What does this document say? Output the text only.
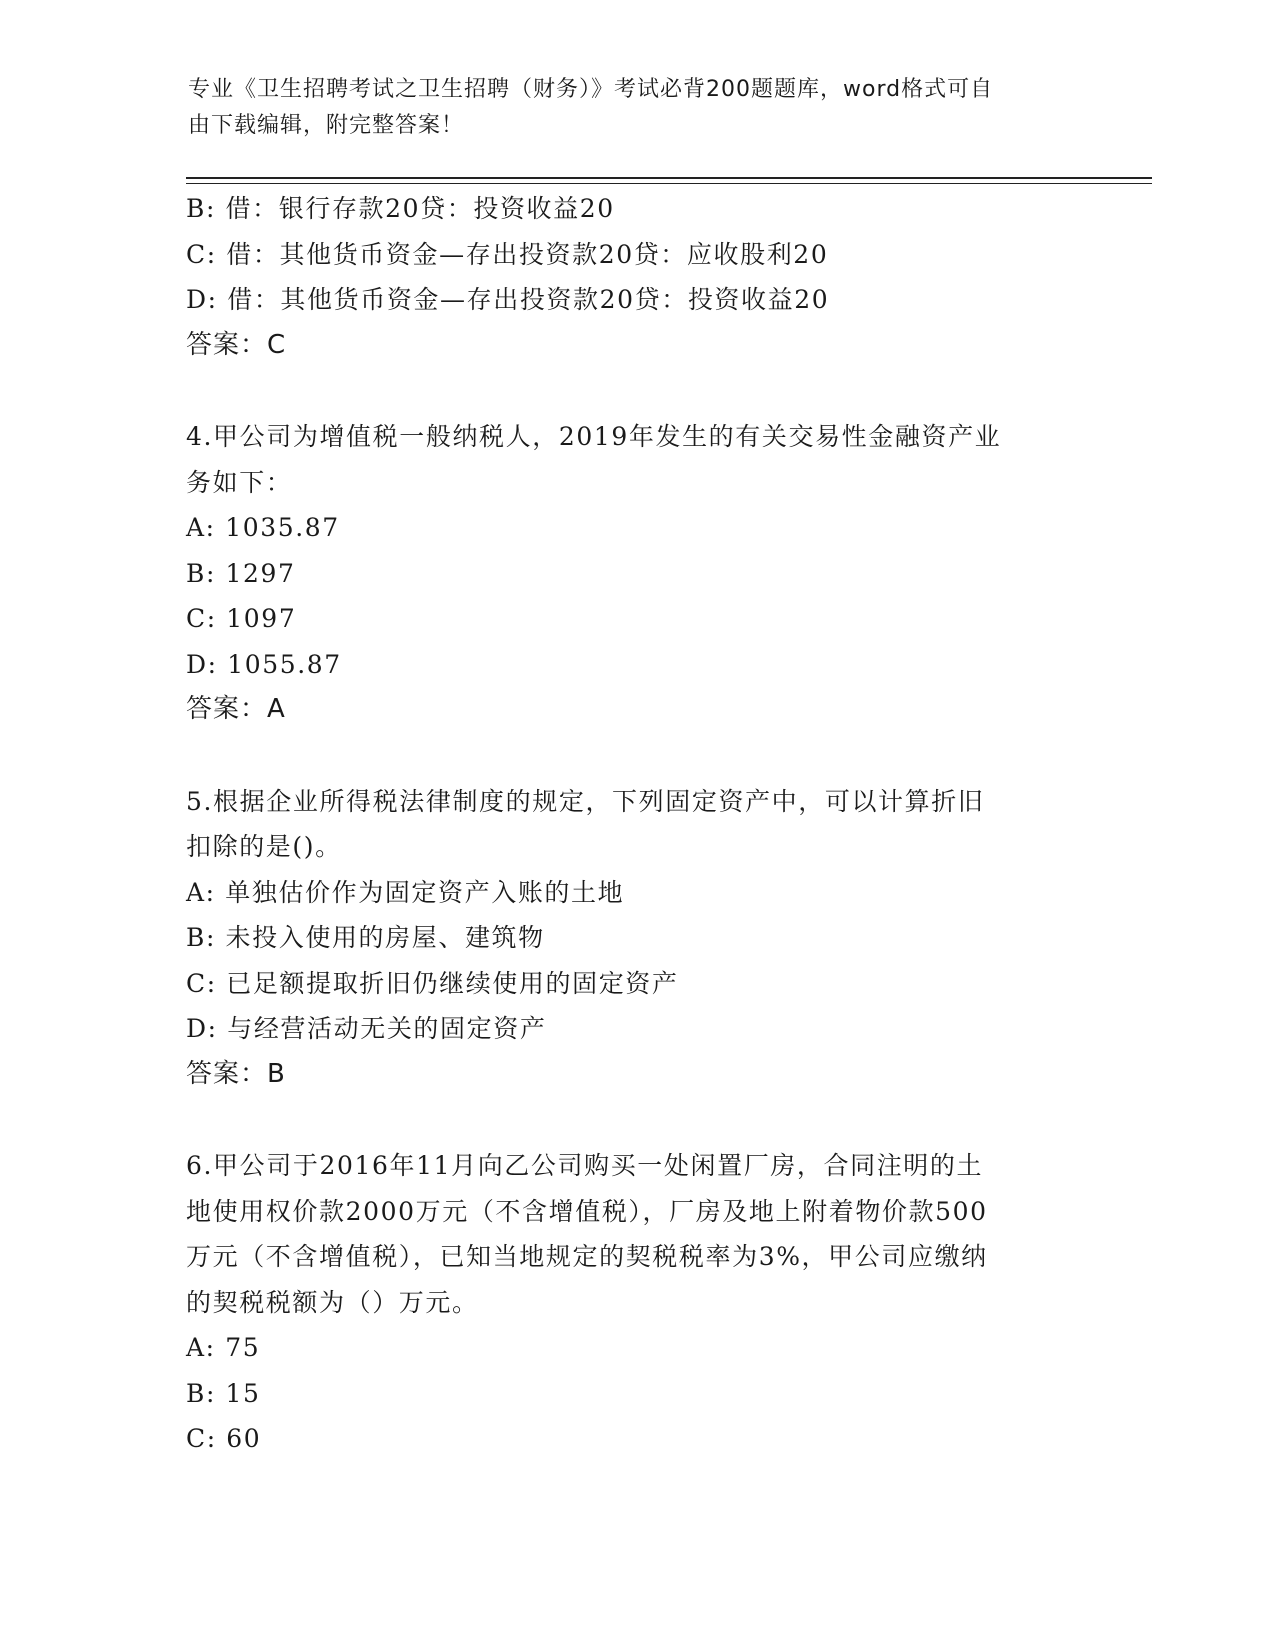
专业《卫生招聘考试之卫生招聘（财务）》考试必背200题题库，word格式可自
由下载编辑，附完整答案！
B: 借：银行存款20贷：投资收益20
C: 借：其他货币资金—存出投资款20贷：应收股利20
D: 借：其他货币资金—存出投资款20贷：投资收益20
答案：C
4.甲公司为增值税一般纳税人，2019年发生的有关交易性金融资产业
务如下：
A: 1035.87
B: 1297
C: 1097
D: 1055.87
答案：A
5.根据企业所得税法律制度的规定，下列固定资产中，可以计算折旧
扣除的是()。
A: 单独估价作为固定资产入账的土地
B: 未投入使用的房屋、建筑物
C: 已足额提取折旧仍继续使用的固定资产
D: 与经营活动无关的固定资产
答案：B
6.甲公司于2016年11月向乙公司购买一处闲置厂房，合同注明的土
地使用权价款2000万元（不含增值税），厂房及地上附着物价款500
万元（不含增值税），已知当地规定的契税税率为3%，甲公司应缴纳
的契税税额为（）万元。
A: 75
B: 15
C: 60
